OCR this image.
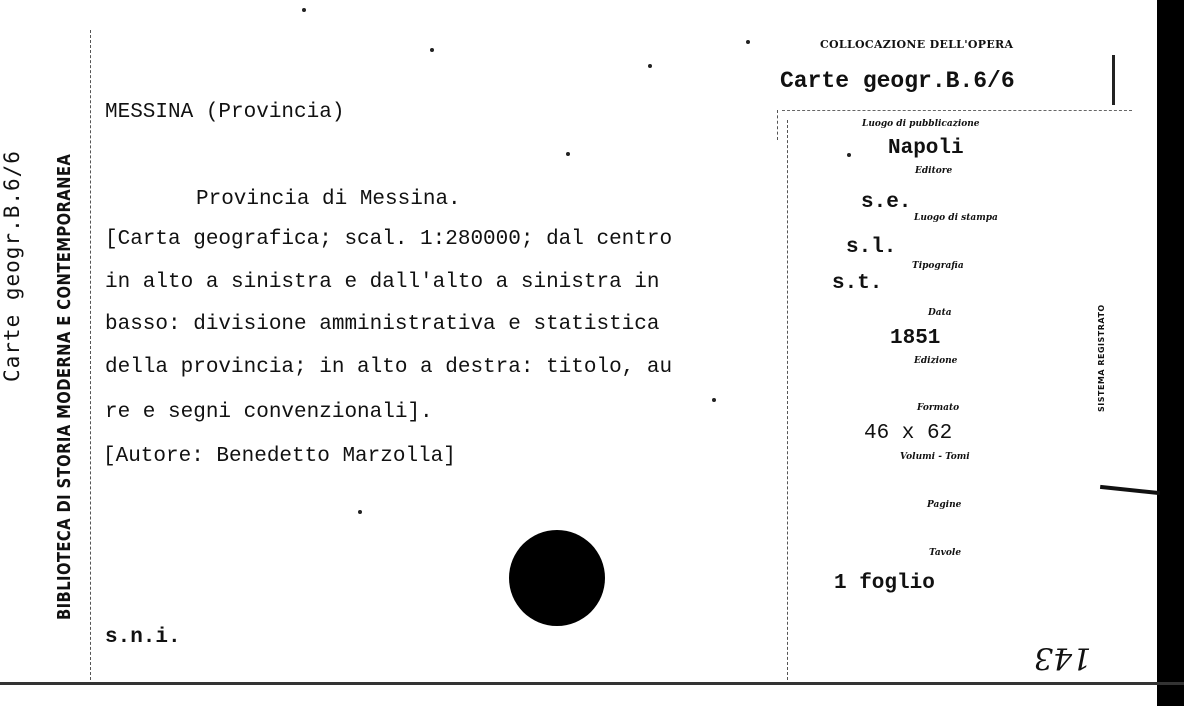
Carte geogr.B.6/6 BIBLIOTECA DI STORIA MODERNA E CONTEMPORANEA
COLLOCAZIONE DELL'OPERA
Carte geogr.B.6/6
MESSINA (Provincia)
Provincia di Messina.
[Carta geografica; scal. 1:280000; dal centro
in alto a sinistra e dall'alto a sinistra in
basso: divisione amministrativa e statistica
della provincia; in alto a destra: titolo, au
re e segni convenzionali].
[Autore: Benedetto Marzolla]
s.n.i.
Luogo di pubblicazione
Napoli
Editore
s.e.
Luogo di stampa
s.l.
Tipografia
s.t.
Data
1851
Edizione
Formato
46 x 62
Volumi - Tomi
Pagine
Tavole
1 foglio
SISTEMA REGISTRATO
143
